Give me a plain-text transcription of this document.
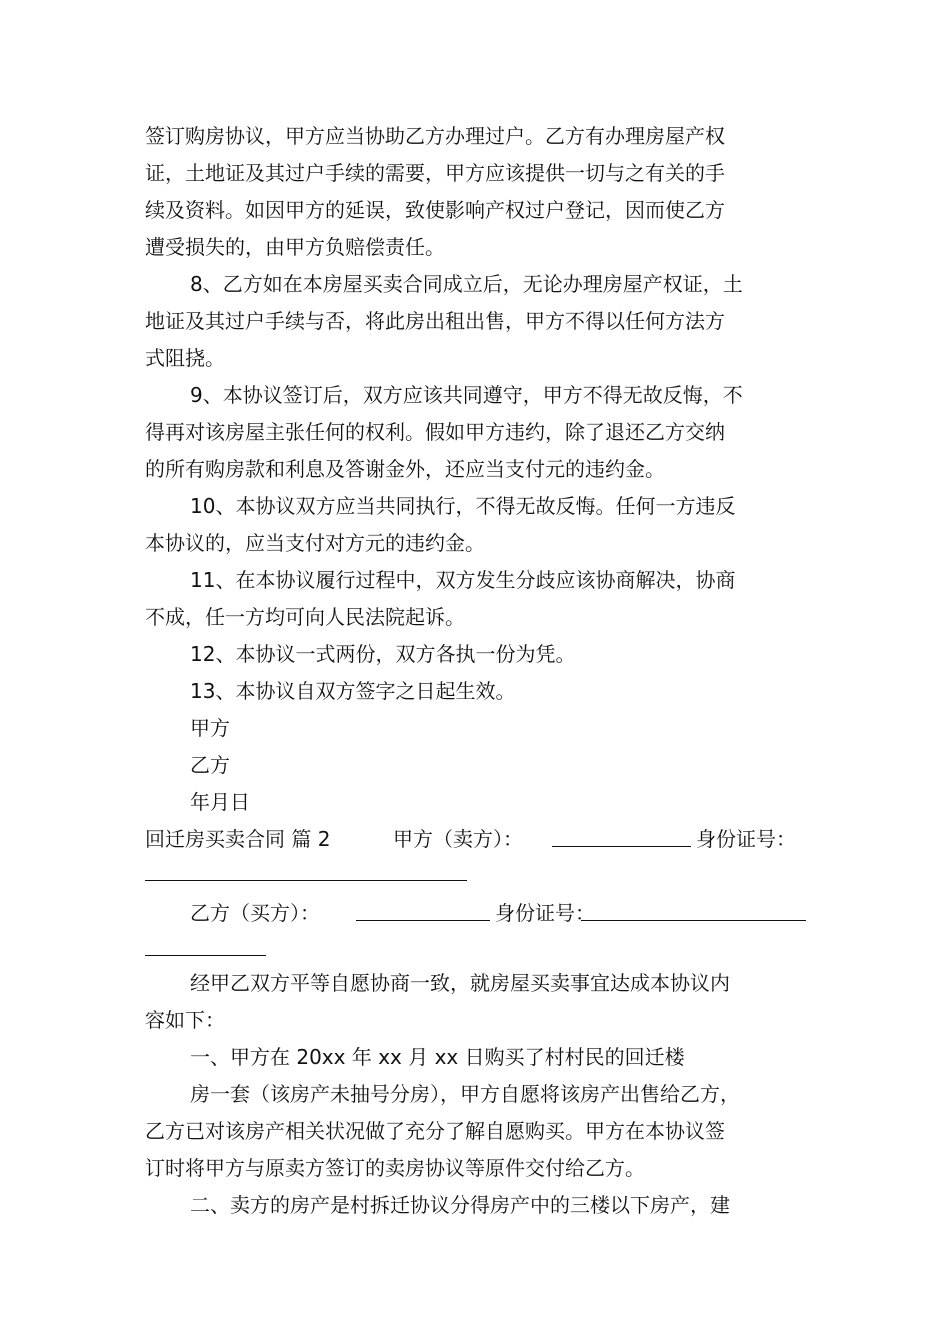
签订购房协议，甲方应当协助乙方办理过户。乙方有办理房屋产权
证，土地证及其过户手续的需要，甲方应该提供一切与之有关的手
续及资料。如因甲方的延误，致使影响产权过户登记，因而使乙方
遭受损失的，由甲方负赔偿责任。
8、乙方如在本房屋买卖合同成立后，无论办理房屋产权证，土
地证及其过户手续与否，将此房出租出售，甲方不得以任何方法方
式阻挠。
9、本协议签订后，双方应该共同遵守，甲方不得无故反悔，不
得再对该房屋主张任何的权利。假如甲方违约，除了退还乙方交纳
的所有购房款和利息及答谢金外，还应当支付元的违约金。
10、本协议双方应当共同执行，不得无故反悔。任何一方违反
本协议的，应当支付对方元的违约金。
11、在本协议履行过程中，双方发生分歧应该协商解决，协商
不成，任一方均可向人民法院起诉。
12、本协议一式两份，双方各执一份为凭。
13、本协议自双方签字之日起生效。
甲方
乙方
年月日
回迁房买卖合同 篇 2	甲方（卖方）：	身份证号：
乙方（买方）：	身份证号：
经甲乙双方平等自愿协商一致，就房屋买卖事宜达成本协议内
容如下：
一、甲方在 20xx 年 xx 月 xx 日购买了村村民的回迁楼
房一套（该房产未抽号分房），甲方自愿将该房产出售给乙方，
乙方已对该房产相关状况做了充分了解自愿购买。甲方在本协议签
订时将甲方与原卖方签订的卖房协议等原件交付给乙方。
二、卖方的房产是村拆迁协议分得房产中的三楼以下房产，建
